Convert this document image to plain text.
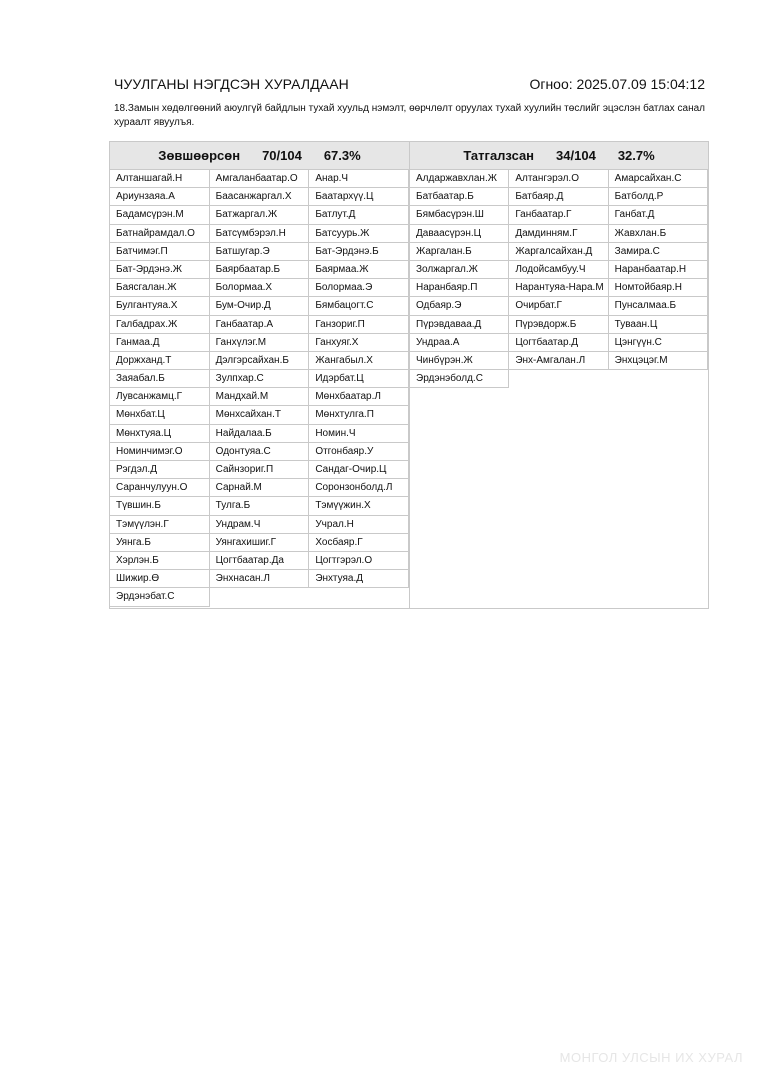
ЧУУЛГАНЫ НЭГДСЭН ХУРАЛДААН	Огноо: 2025.07.09 15:04:12
18.Замын хөдөлгөөний аюулгүй байдлын тухай хуульд нэмэлт, өөрчлөлт оруулах тухай хуулийн төслийг эцэслэн батлах санал хураалт явуулъя.
Зөвшөөрсөн 70/104 67.3%
Алтаншагай.Н	Амгаланбаатар.О	Анар.Ч
Ариунзаяа.А	Баасанжаргал.Х	Баатархүү.Ц
Бадамсүрэн.М	Батжаргал.Ж	Батлут.Д
Батнайрамдал.О	Батсүмбэрэл.Н	Батсуурь.Ж
Батчимэг.П	Батшугар.Э	Бат-Эрдэнэ.Б
Бат-Эрдэнэ.Ж	Баярбаатар.Б	Баярмаа.Ж
Баясгалан.Ж	Болормаа.Х	Болормаа.Э
Булгантуяа.Х	Бум-Очир.Д	Бямбацогт.С
Галбадрах.Ж	Ганбаатар.А	Ганзориг.П
Ганмаа.Д	Ганхүлэг.М	Ганхуяг.Х
Доржханд.Т	Дэлгэрсайхан.Б	Жангабыл.Х
Заяабал.Б	Зулпхар.С	Идэрбат.Ц
Лувсанжамц.Г	Мандхай.М	Мөнхбаатар.Л
Мөнхбат.Ц	Мөнхсайхан.Т	Мөнхтулга.П
Мөнхтуяа.Ц	Найдалаа.Б	Номин.Ч
Номинчимэг.О	Одонтуяа.С	Отгонбаяр.У
Рэгдэл.Д	Сайнзориг.П	Сандаг-Очир.Ц
Саранчулуун.О	Сарнай.М	Соронзонболд.Л
Түвшин.Б	Тулга.Б	Тэмүүжин.Х
Тэмүүлэн.Г	Ундрам.Ч	Учрал.Н
Уянга.Б	Уянгахишиг.Г	Хосбаяр.Г
Хэрлэн.Б	Цогтбаатар.Да	Цогтгэрэл.О
Шижир.Ө	Энхнасан.Л	Энхтуяа.Д
Эрдэнэбат.С
Татгалзсан 34/104 32.7%
Алдаржавхлан.Ж	Алтангэрэл.О	Амарсайхан.С
Батбаатар.Б	Батбаяр.Д	Батболд.Р
Бямбасүрэн.Ш	Ганбаатар.Г	Ганбат.Д
Даваасүрэн.Ц	Дамдинням.Г	Жавхлан.Б
Жаргалан.Б	Жаргалсайхан.Д	Замира.С
Золжаргал.Ж	Лодойсамбуу.Ч	Наранбаатар.Н
Наранбаяр.П	Нарантуяа-Нара.М	Номтойбаяр.Н
Одбаяр.Э	Очирбат.Г	Пунсалмаа.Б
Пүрэвдаваа.Д	Пүрэвдорж.Б	Туваан.Ц
Ундраа.А	Цогтбаатар.Д	Цэнгүүн.С
Чинбүрэн.Ж	Энх-Амгалан.Л	Энхцэцэг.М
Эрдэнэболд.С
МОНГОЛ УЛСЫН ИХ ХУРАЛ
